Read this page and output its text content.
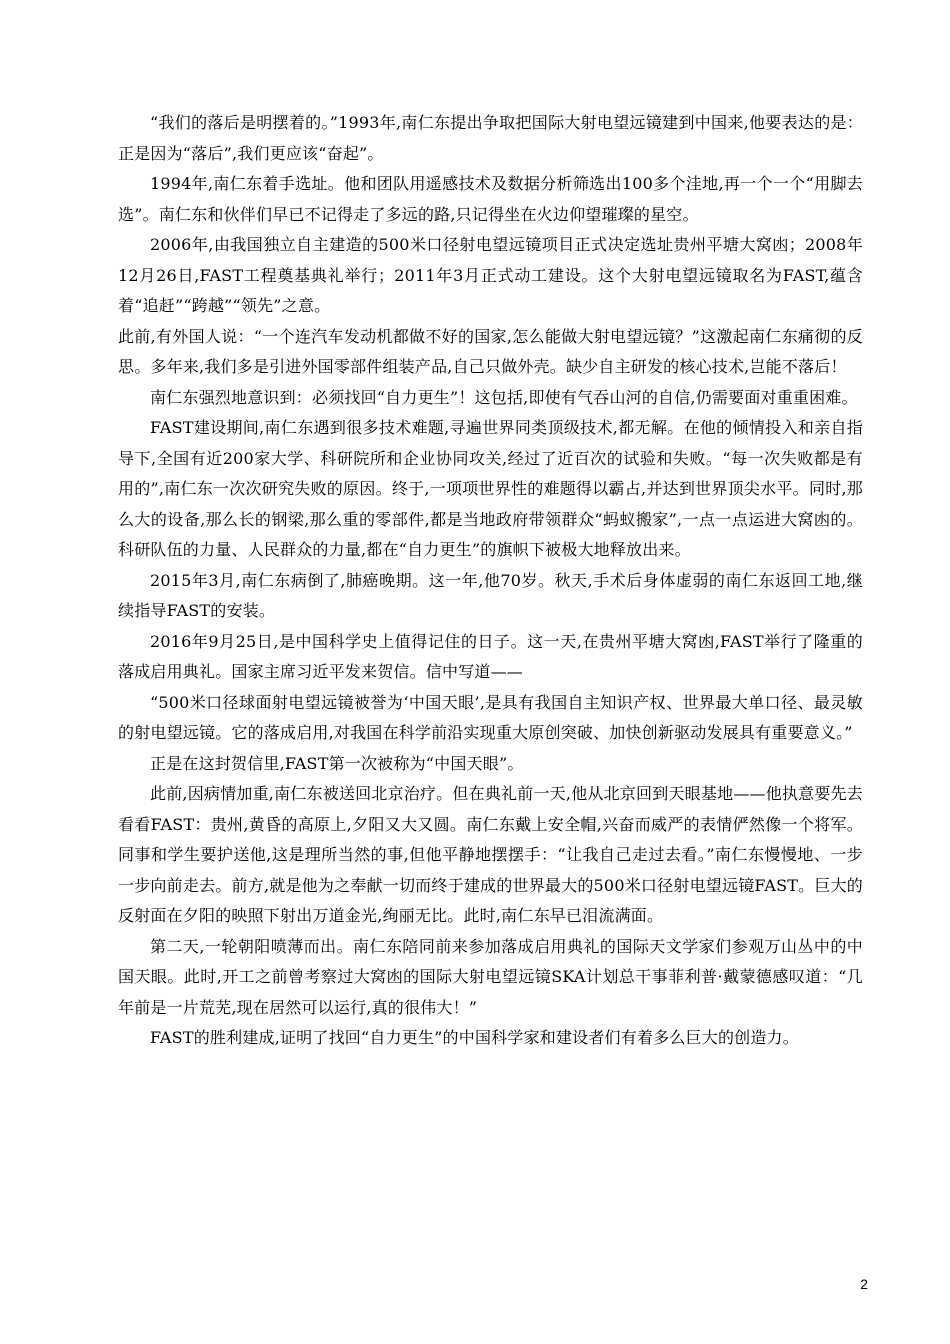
“我们的落后是明摆着的。”1993年,南仁东提出争取把国际大射电望远镜建到中国来,他要表达的是：正是因为“落后”,我们更应该“奋起”。

1994年,南仁东着手选址。他和团队用遥感技术及数据分析筛选出100多个洼地,再一个一个“用脚去选”。南仁东和伙伴们早已不记得走了多远的路,只记得坐在火边仰望璀璨的星空。

2006年,由我国独立自主建造的500米口径射电望远镜项目正式决定选址贵州平塘大窝凼；2008年12月26日,FAST工程奠基典礼举行；2011年3月正式动工建设。这个大射电望远镜取名为FAST,蕴含着“追赶”“跨越”“领先”之意。

此前,有外国人说：“一个连汽车发动机都做不好的国家,怎么能做大射电望远镜？”这激起南仁东痛彻的反思。多年来,我们多是引进外国零部件组装产品,自己只做外壳。缺少自主研发的核心技术,岂能不落后！

南仁东强烈地意识到：必须找回“自力更生”！这包括,即使有气吞山河的自信,仍需要面对重重困难。

FAST建设期间,南仁东遇到很多技术难题,寻遍世界同类顶级技术,都无解。在他的倾情投入和亲自指导下,全国有近200家大学、科研院所和企业协同攻关,经过了近百次的试验和失败。“每一次失败都是有用的”,南仁东一次次研究失败的原因。终于,一项项世界性的难题得以霸占,并达到世界顶尖水平。同时,那么大的设备,那么长的钢梁,那么重的零部件,都是当地政府带领群众“蚂蚁搬家”,一点一点运进大窝凼的。科研队伍的力量、人民群众的力量,都在“自力更生”的旗帜下被极大地释放出来。

2015年3月,南仁东病倒了,肺癌晚期。这一年,他70岁。秋天,手术后身体虚弱的南仁东返回工地,继续指导FAST的安装。

2016年9月25日,是中国科学史上值得记住的日子。这一天,在贵州平塘大窝凼,FAST举行了隆重的落成启用典礼。国家主席习近平发来贺信。信中写道——

“500米口径球面射电望远镜被誉为‘中国天眼’,是具有我国自主知识产权、世界最大单口径、最灵敏的射电望远镜。它的落成启用,对我国在科学前沿实现重大原创突破、加快创新驱动发展具有重要意义。”

正是在这封贺信里,FAST第一次被称为“中国天眼”。

此前,因病情加重,南仁东被送回北京治疗。但在典礼前一天,他从北京回到天眼基地——他执意要先去看看FAST：贵州,黄昏的高原上,夕阳又大又圆。南仁东戴上安全帽,兴奋而威严的表情俨然像一个将军。同事和学生要护送他,这是理所当然的事,但他平静地摆摆手：“让我自己走过去看。”南仁东慢慢地、一步一步向前走去。前方,就是他为之奉献一切而终于建成的世界最大的500米口径射电望远镜FAST。巨大的反射面在夕阳的映照下射出万道金光,绚丽无比。此时,南仁东早已泪流满面。

第二天,一轮朝阳喷薄而出。南仁东陪同前来参加落成启用典礼的国际天文学家们参观万山丛中的中国天眼。此时,开工之前曾考察过大窝凼的国际大射电望远镜SKA计划总干事菲利普·戴蒙德感叹道：“几年前是一片荒芜,现在居然可以运行,真的很伟大！”

FAST的胜利建成,证明了找回“自力更生”的中国科学家和建设者们有着多么巨大的创造力。

2
